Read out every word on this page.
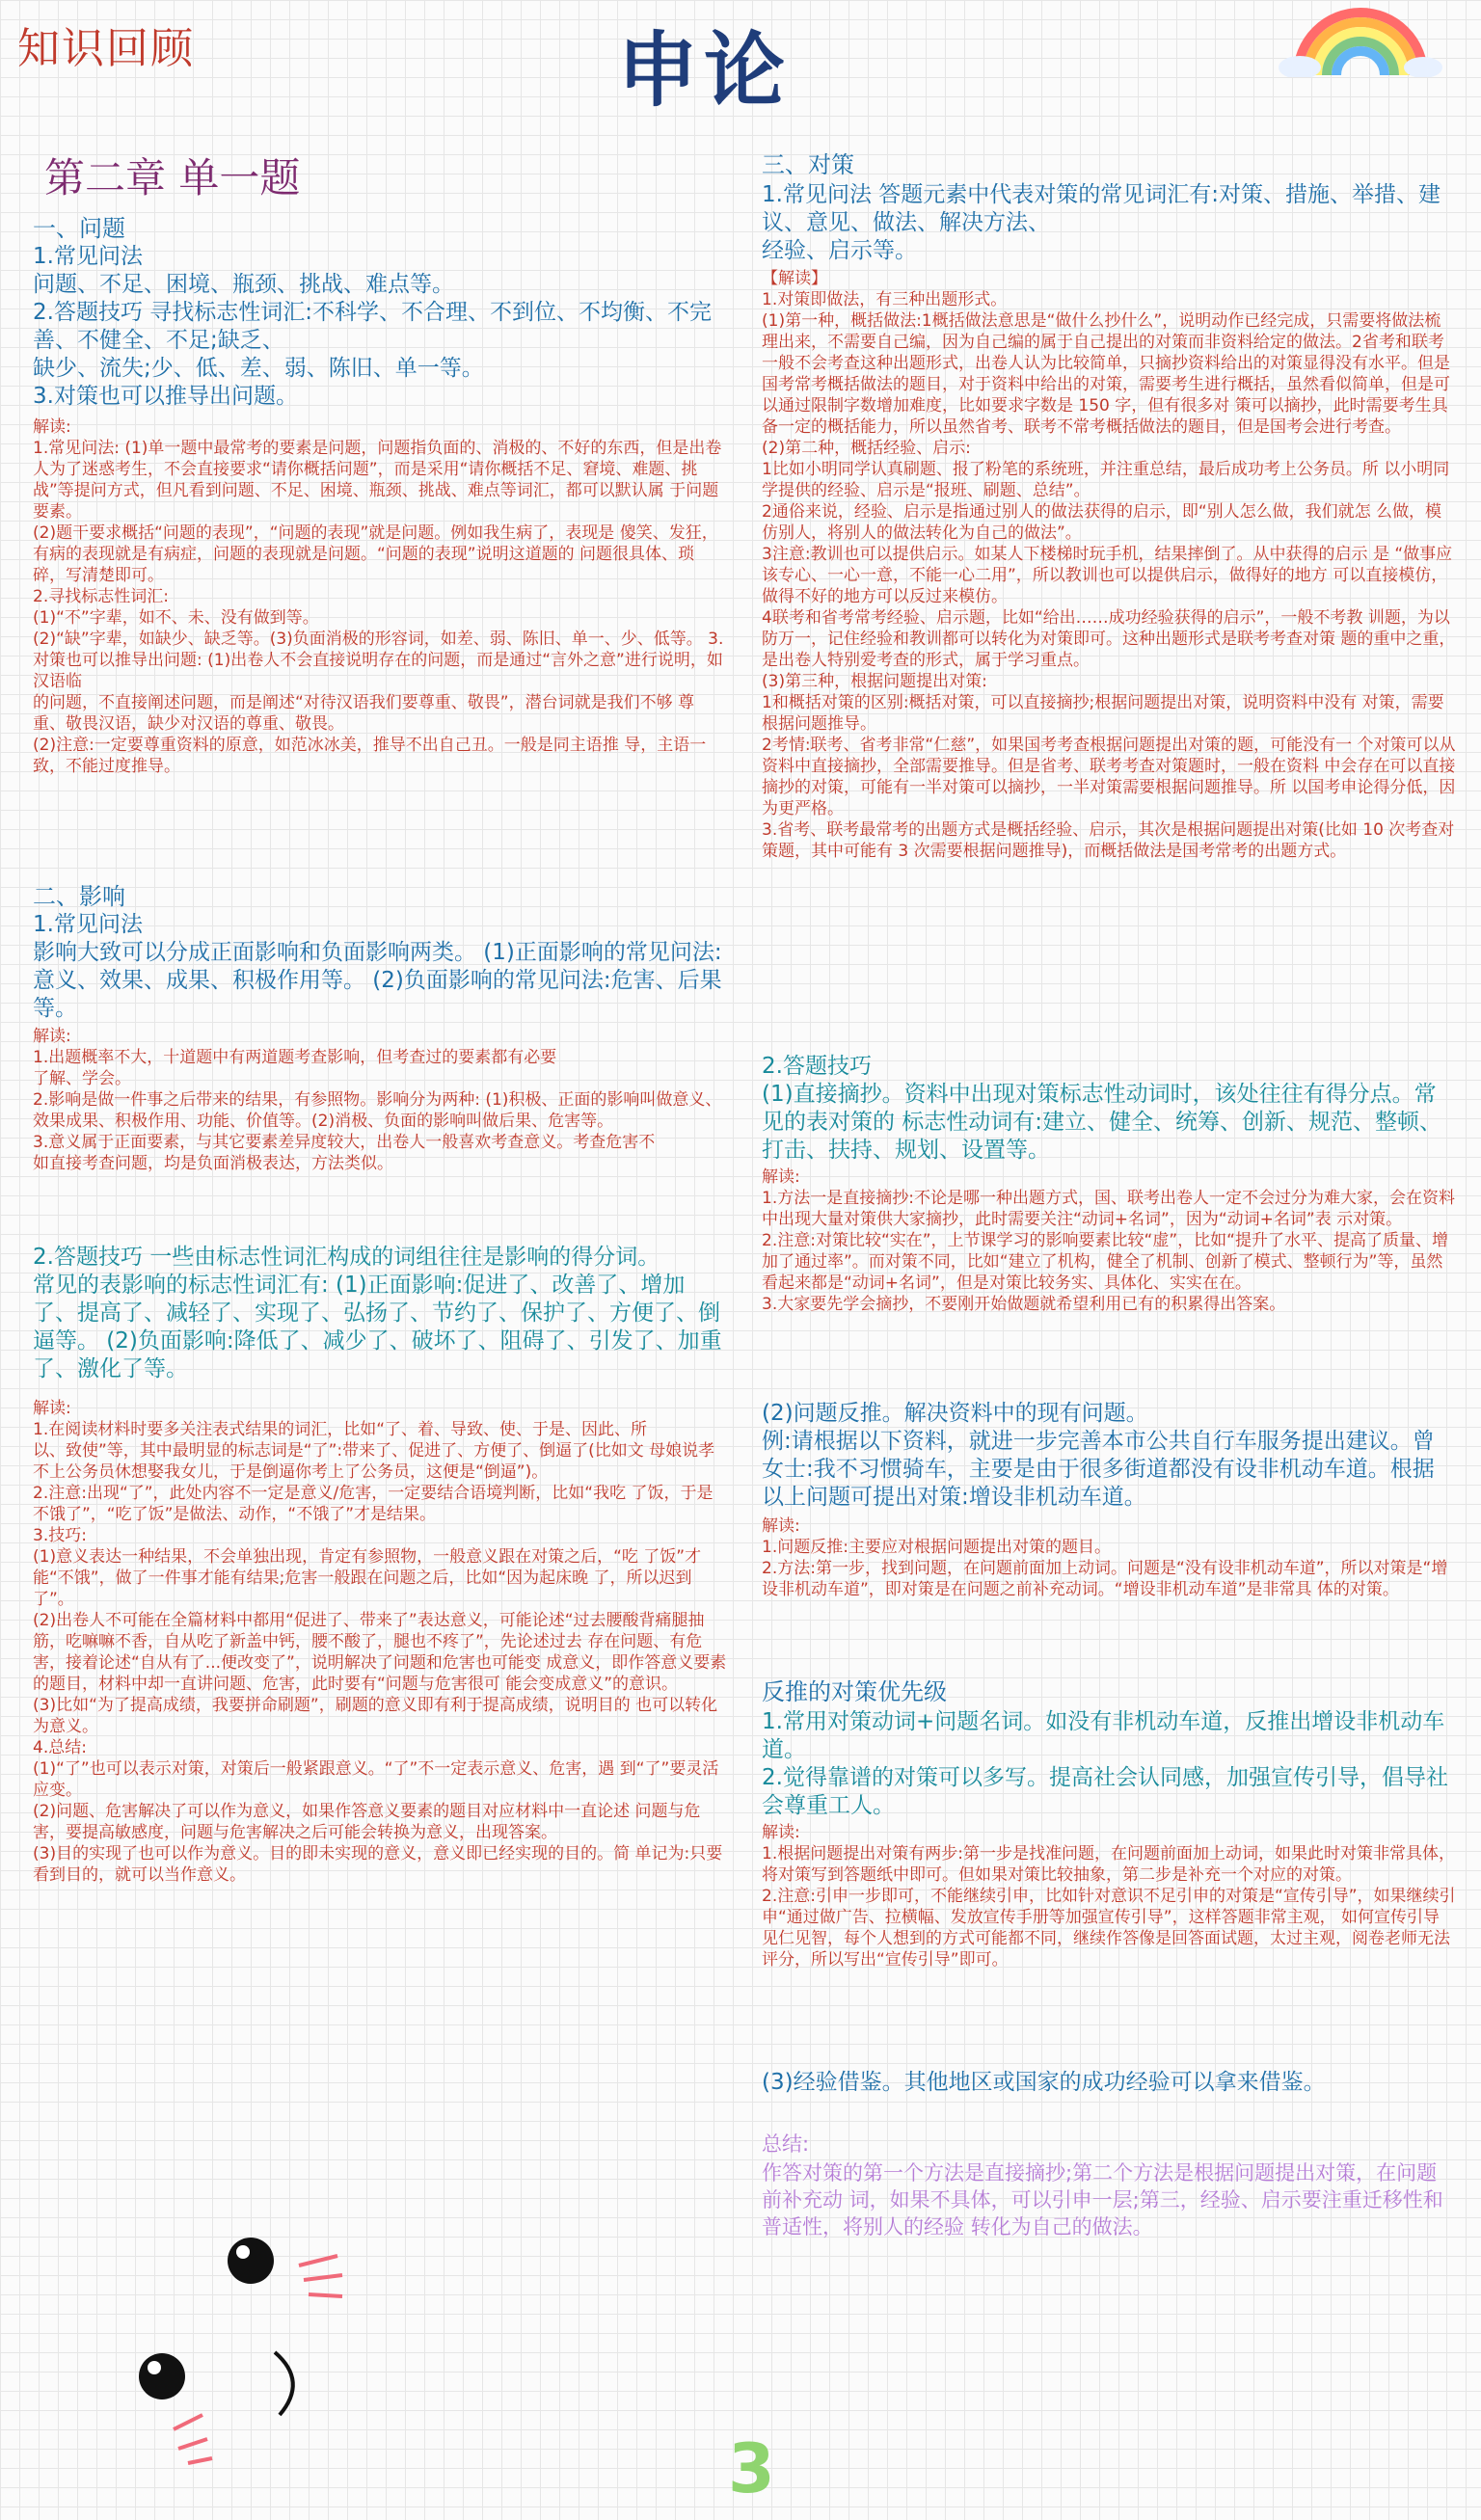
知识回顾	申论
第二章 单一题
一、问题
1.常见问法
问题、不足、困境、瓶颈、挑战、难点等。
2.答题技巧 寻找标志性词汇:不科学、不合理、不到位、不均衡、不完善、不健全、不足;缺乏、
缺少、流失;少、低、差、弱、陈旧、单一等。
3.对策也可以推导出问题。
解读:
1.常见问法: (1)单一题中最常考的要素是问题，问题指负面的、消极的、不好的东西，但是出卷
人为了迷惑考生，不会直接要求“请你概括问题”，而是采用“请你概括不足、窘境、难题、挑战”等提问方式，但凡看到问题、不足、困境、瓶颈、挑战、难点等词汇，都可以默认属 于问题要素。
(2)题干要求概括“问题的表现”，“问题的表现”就是问题。例如我生病了，表现是 傻笑、发狂，有病的表现就是有病症，问题的表现就是问题。“问题的表现”说明这道题的 问题很具体、琐碎，写清楚即可。
2.寻找标志性词汇:
(1)“不”字辈，如不、未、没有做到等。
(2)“缺”字辈，如缺少、缺乏等。(3)负面消极的形容词，如差、弱、陈旧、单一、少、低等。 3.对策也可以推导出问题: (1)出卷人不会直接说明存在的问题，而是通过“言外之意”进行说明，如汉语临
的问题，不直接阐述问题，而是阐述“对待汉语我们要尊重、敬畏”，潜台词就是我们不够 尊重、敬畏汉语，缺少对汉语的尊重、敬畏。
(2)注意:一定要尊重资料的原意，如范冰冰美，推导不出自己丑。一般是同主语推 导，主语一致，不能过度推导。
二、影响
1.常见问法
影响大致可以分成正面影响和负面影响两类。 (1)正面影响的常见问法:意义、效果、成果、积极作用等。 (2)负面影响的常见问法:危害、后果等。
解读:
1.出题概率不大，十道题中有两道题考查影响，但考查过的要素都有必要
了解、学会。
2.影响是做一件事之后带来的结果，有参照物。影响分为两种: (1)积极、正面的影响叫做意义、效果成果、积极作用、功能、价值等。(2)消极、负面的影响叫做后果、危害等。
3.意义属于正面要素，与其它要素差异度较大，出卷人一般喜欢考查意义。考查危害不
如直接考查问题，均是负面消极表达，方法类似。
2.答题技巧 一些由标志性词汇构成的词组往往是影响的得分词。
常见的表影响的标志性词汇有: (1)正面影响:促进了、改善了、增加了、提高了、减轻了、实现了、弘扬了、节约了、保护了、方便了、倒逼等。 (2)负面影响:降低了、减少了、破坏了、阻碍了、引发了、加重了、激化了等。
解读:
1.在阅读材料时要多关注表式结果的词汇，比如“了、着、导致、使、于是、因此、所
以、致使”等，其中最明显的标志词是“了”:带来了、促进了、方便了、倒逼了(比如文 母娘说孝不上公务员休想娶我女儿，于是倒逼你考上了公务员，这便是“倒逼”)。
2.注意:出现“了”，此处内容不一定是意义/危害，一定要结合语境判断，比如“我吃 了饭，于是不饿了”，“吃了饭”是做法、动作，“不饿了”才是结果。
3.技巧:
(1)意义表达一种结果，不会单独出现，肯定有参照物，一般意义跟在对策之后，“吃 了饭”才能“不饿”，做了一件事才能有结果;危害一般跟在问题之后，比如“因为起床晚 了，所以迟到了”。
(2)出卷人不可能在全篇材料中都用“促进了、带来了”表达意义，可能论述“过去腰酸背痛腿抽筋，吃嘛嘛不香，自从吃了新盖中钙，腰不酸了，腿也不疼了”，先论述过去 存在问题、有危害，接着论述“自从有了...便改变了”，说明解决了问题和危害也可能变 成意义，即作答意义要素的题目，材料中却一直讲问题、危害，此时要有“问题与危害很可 能会变成意义”的意识。
(3)比如“为了提高成绩，我要拼命刷题”，刷题的意义即有利于提高成绩，说明目的 也可以转化为意义。
4.总结:
(1)“了”也可以表示对策，对策后一般紧跟意义。“了”不一定表示意义、危害，遇 到“了”要灵活应变。
(2)问题、危害解决了可以作为意义，如果作答意义要素的题目对应材料中一直论述 问题与危害，要提高敏感度，问题与危害解决之后可能会转换为意义，出现答案。
(3)目的实现了也可以作为意义。目的即未实现的意义，意义即已经实现的目的。简 单记为:只要看到目的，就可以当作意义。
三、对策
1.常见问法 答题元素中代表对策的常见词汇有:对策、措施、举措、建议、意见、做法、解决方法、
经验、启示等。
【解读】
1.对策即做法，有三种出题形式。
(1)第一种，概括做法:1概括做法意思是“做什么抄什么”，说明动作已经完成，只需要将做法梳理出来，不需要自己编，因为自己编的属于自己提出的对策而非资料给定的做法。2省考和联考一般不会考查这种出题形式，出卷人认为比较简单，只摘抄资料给出的对策显得没有水平。但是国考常考概括做法的题目，对于资料中给出的对策，需要考生进行概括，虽然看似简单，但是可以通过限制字数增加难度，比如要求字数是 150 字，但有很多对 策可以摘抄，此时需要考生具备一定的概括能力，所以虽然省考、联考不常考概括做法的题目，但是国考会进行考查。
(2)第二种，概括经验、启示:
1比如小明同学认真刷题、报了粉笔的系统班，并注重总结，最后成功考上公务员。所 以小明同学提供的经验、启示是“报班、刷题、总结”。
2通俗来说，经验、启示是指通过别人的做法获得的启示，即“别人怎么做，我们就怎 么做，模仿别人，将别人的做法转化为自己的做法”。
3注意:教训也可以提供启示。如某人下楼梯时玩手机，结果摔倒了。从中获得的启示 是 “做事应该专心、一心一意，不能一心二用”，所以教训也可以提供启示，做得好的地方 可以直接模仿，做得不好的地方可以反过来模仿。
4联考和省考常考经验、启示题，比如“给出……成功经验获得的启示”，一般不考教 训题，为以防万一，记住经验和教训都可以转化为对策即可。这种出题形式是联考考查对策 题的重中之重，是出卷人特别爱考查的形式，属于学习重点。
(3)第三种，根据问题提出对策:
1和概括对策的区别:概括对策，可以直接摘抄;根据问题提出对策，说明资料中没有 对策，需要根据问题推导。
2考情:联考、省考非常“仁慈”，如果国考考查根据问题提出对策的题，可能没有一 个对策可以从资料中直接摘抄，全部需要推导。但是省考、联考考查对策题时，一般在资料 中会存在可以直接摘抄的对策，可能有一半对策可以摘抄，一半对策需要根据问题推导。所 以国考申论得分低，因为更严格。
3.省考、联考最常考的出题方式是概括经验、启示，其次是根据问题提出对策(比如 10 次考查对策题，其中可能有 3 次需要根据问题推导)，而概括做法是国考常考的出题方式。
2.答题技巧
(1)直接摘抄。资料中出现对策标志性动词时，该处往往有得分点。常见的表对策的 标志性动词有:建立、健全、统筹、创新、规范、整顿、打击、扶持、规划、设置等。
解读:
1.方法一是直接摘抄:不论是哪一种出题方式，国、联考出卷人一定不会过分为难大家，会在资料中出现大量对策供大家摘抄，此时需要关注“动词+名词”，因为“动词+名词”表 示对策。
2.注意:对策比较“实在”，上节课学习的影响要素比较“虚”，比如“提升了水平、提高了质量、增加了通过率”。而对策不同，比如“建立了机构，健全了机制、创新了模式、整顿行为”等，虽然看起来都是“动词+名词”，但是对策比较务实、具体化、实实在在。
3.大家要先学会摘抄，不要刚开始做题就希望利用已有的积累得出答案。
(2)问题反推。解决资料中的现有问题。
例:请根据以下资料，就进一步完善本市公共自行车服务提出建议。曾女士:我不习惯骑车，主要是由于很多街道都没有设非机动车道。根据以上问题可提出对策:增设非机动车道。
解读:
1.问题反推:主要应对根据问题提出对策的题目。
2.方法:第一步，找到问题，在问题前面加上动词。问题是“没有设非机动车道”，所以对策是“增设非机动车道”，即对策是在问题之前补充动词。“增设非机动车道”是非常具 体的对策。
反推的对策优先级
1.常用对策动词+问题名词。如没有非机动车道，反推出增设非机动车道。
2.觉得靠谱的对策可以多写。提高社会认同感，加强宣传引导，倡导社会尊重工人。
解读:
1.根据问题提出对策有两步:第一步是找准问题，在问题前面加上动词，如果此时对策非常具体，将对策写到答题纸中即可。但如果对策比较抽象，第二步是补充一个对应的对策。
2.注意:引申一步即可，不能继续引申，比如针对意识不足引申的对策是“宣传引导”，如果继续引申“通过做广告、拉横幅、发放宣传手册等加强宣传引导”，这样答题非常主观， 如何宣传引导见仁见智，每个人想到的方式可能都不同，继续作答像是回答面试题，太过主观，阅卷老师无法评分，所以写出“宣传引导”即可。
(3)经验借鉴。其他地区或国家的成功经验可以拿来借鉴。
总结:
作答对策的第一个方法是直接摘抄;第二个方法是根据问题提出对策，在问题前补充动 词，如果不具体，可以引申一层;第三，经验、启示要注重迁移性和普适性，将别人的经验 转化为自己的做法。
3
